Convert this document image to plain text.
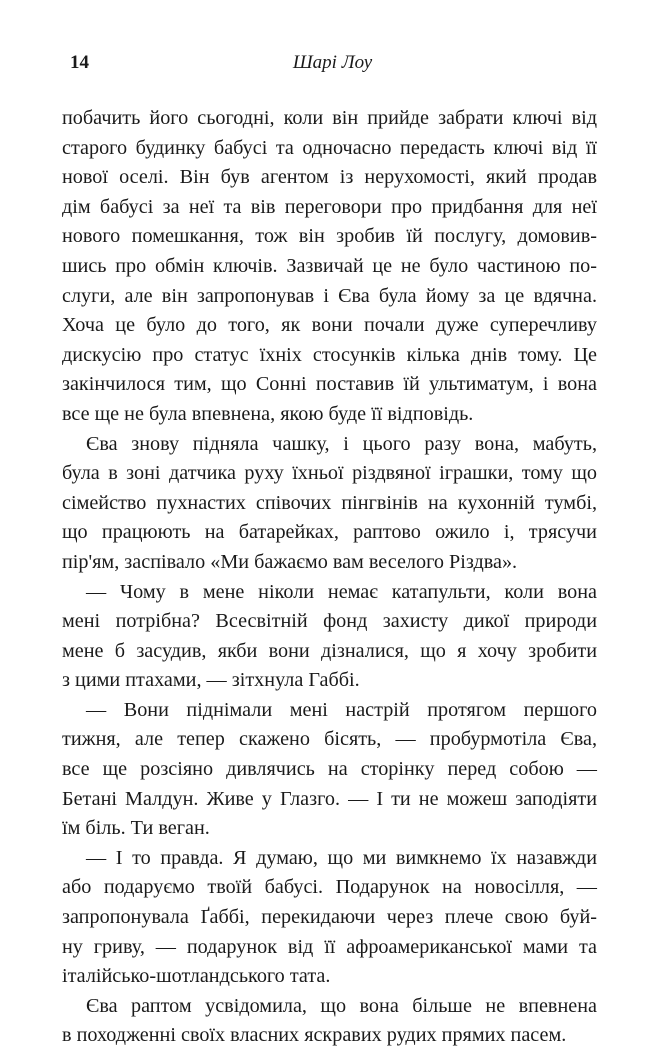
14	Шарі Лоу
побачить його сьогодні, коли він прийде забрати ключі від
старого будинку бабусі та одночасно передасть ключі від її
нової оселі. Він був агентом із нерухомості, який продав
дім бабусі за неї та вів переговори про придбання для неї
нового помешкання, тож він зробив їй послугу, домовив-
шись про обмін ключів. Зазвичай це не було частиною по-
слуги, але він запропонував і Єва була йому за це вдячна.
Хоча це було до того, як вони почали дуже суперечливу
дискусію про статус їхніх стосунків кілька днів тому. Це
закінчилося тим, що Сонні поставив їй ультиматум, і вона
все ще не була впевнена, якою буде її відповідь.
Єва знову підняла чашку, і цього разу вона, мабуть,
була в зоні датчика руху їхньої різдвяної іграшки, тому що
сімейство пухнастих співочих пінгвінів на кухонній тумбі,
що працюють на батарейках, раптово ожило і, трясучи
пір'ям, заспівало «Ми бажаємо вам веселого Різдва».
— Чому в мене ніколи немає катапульти, коли вона
мені потрібна? Всесвітній фонд захисту дикої природи
мене б засудив, якби вони дізналися, що я хочу зробити
з цими птахами, — зітхнула Габбі.
— Вони піднімали мені настрій протягом першого
тижня, але тепер скажено бісять, — пробурмотіла Єва,
все ще розсіяно дивлячись на сторінку перед собою —
Бетані Малдун. Живе у Глазго. — І ти не можеш заподіяти
їм біль. Ти веган.
— І то правда. Я думаю, що ми вимкнемо їх назавжди
або подаруємо твоїй бабусі. Подарунок на новосілля, —
запропонувала Ґаббі, перекидаючи через плече свою буй-
ну гриву, — подарунок від її афроамериканської мами та
італійсько-шотландського тата.
Єва раптом усвідомила, що вона більше не впевнена
в походженні своїх власних яскравих рудих прямих пасем.
